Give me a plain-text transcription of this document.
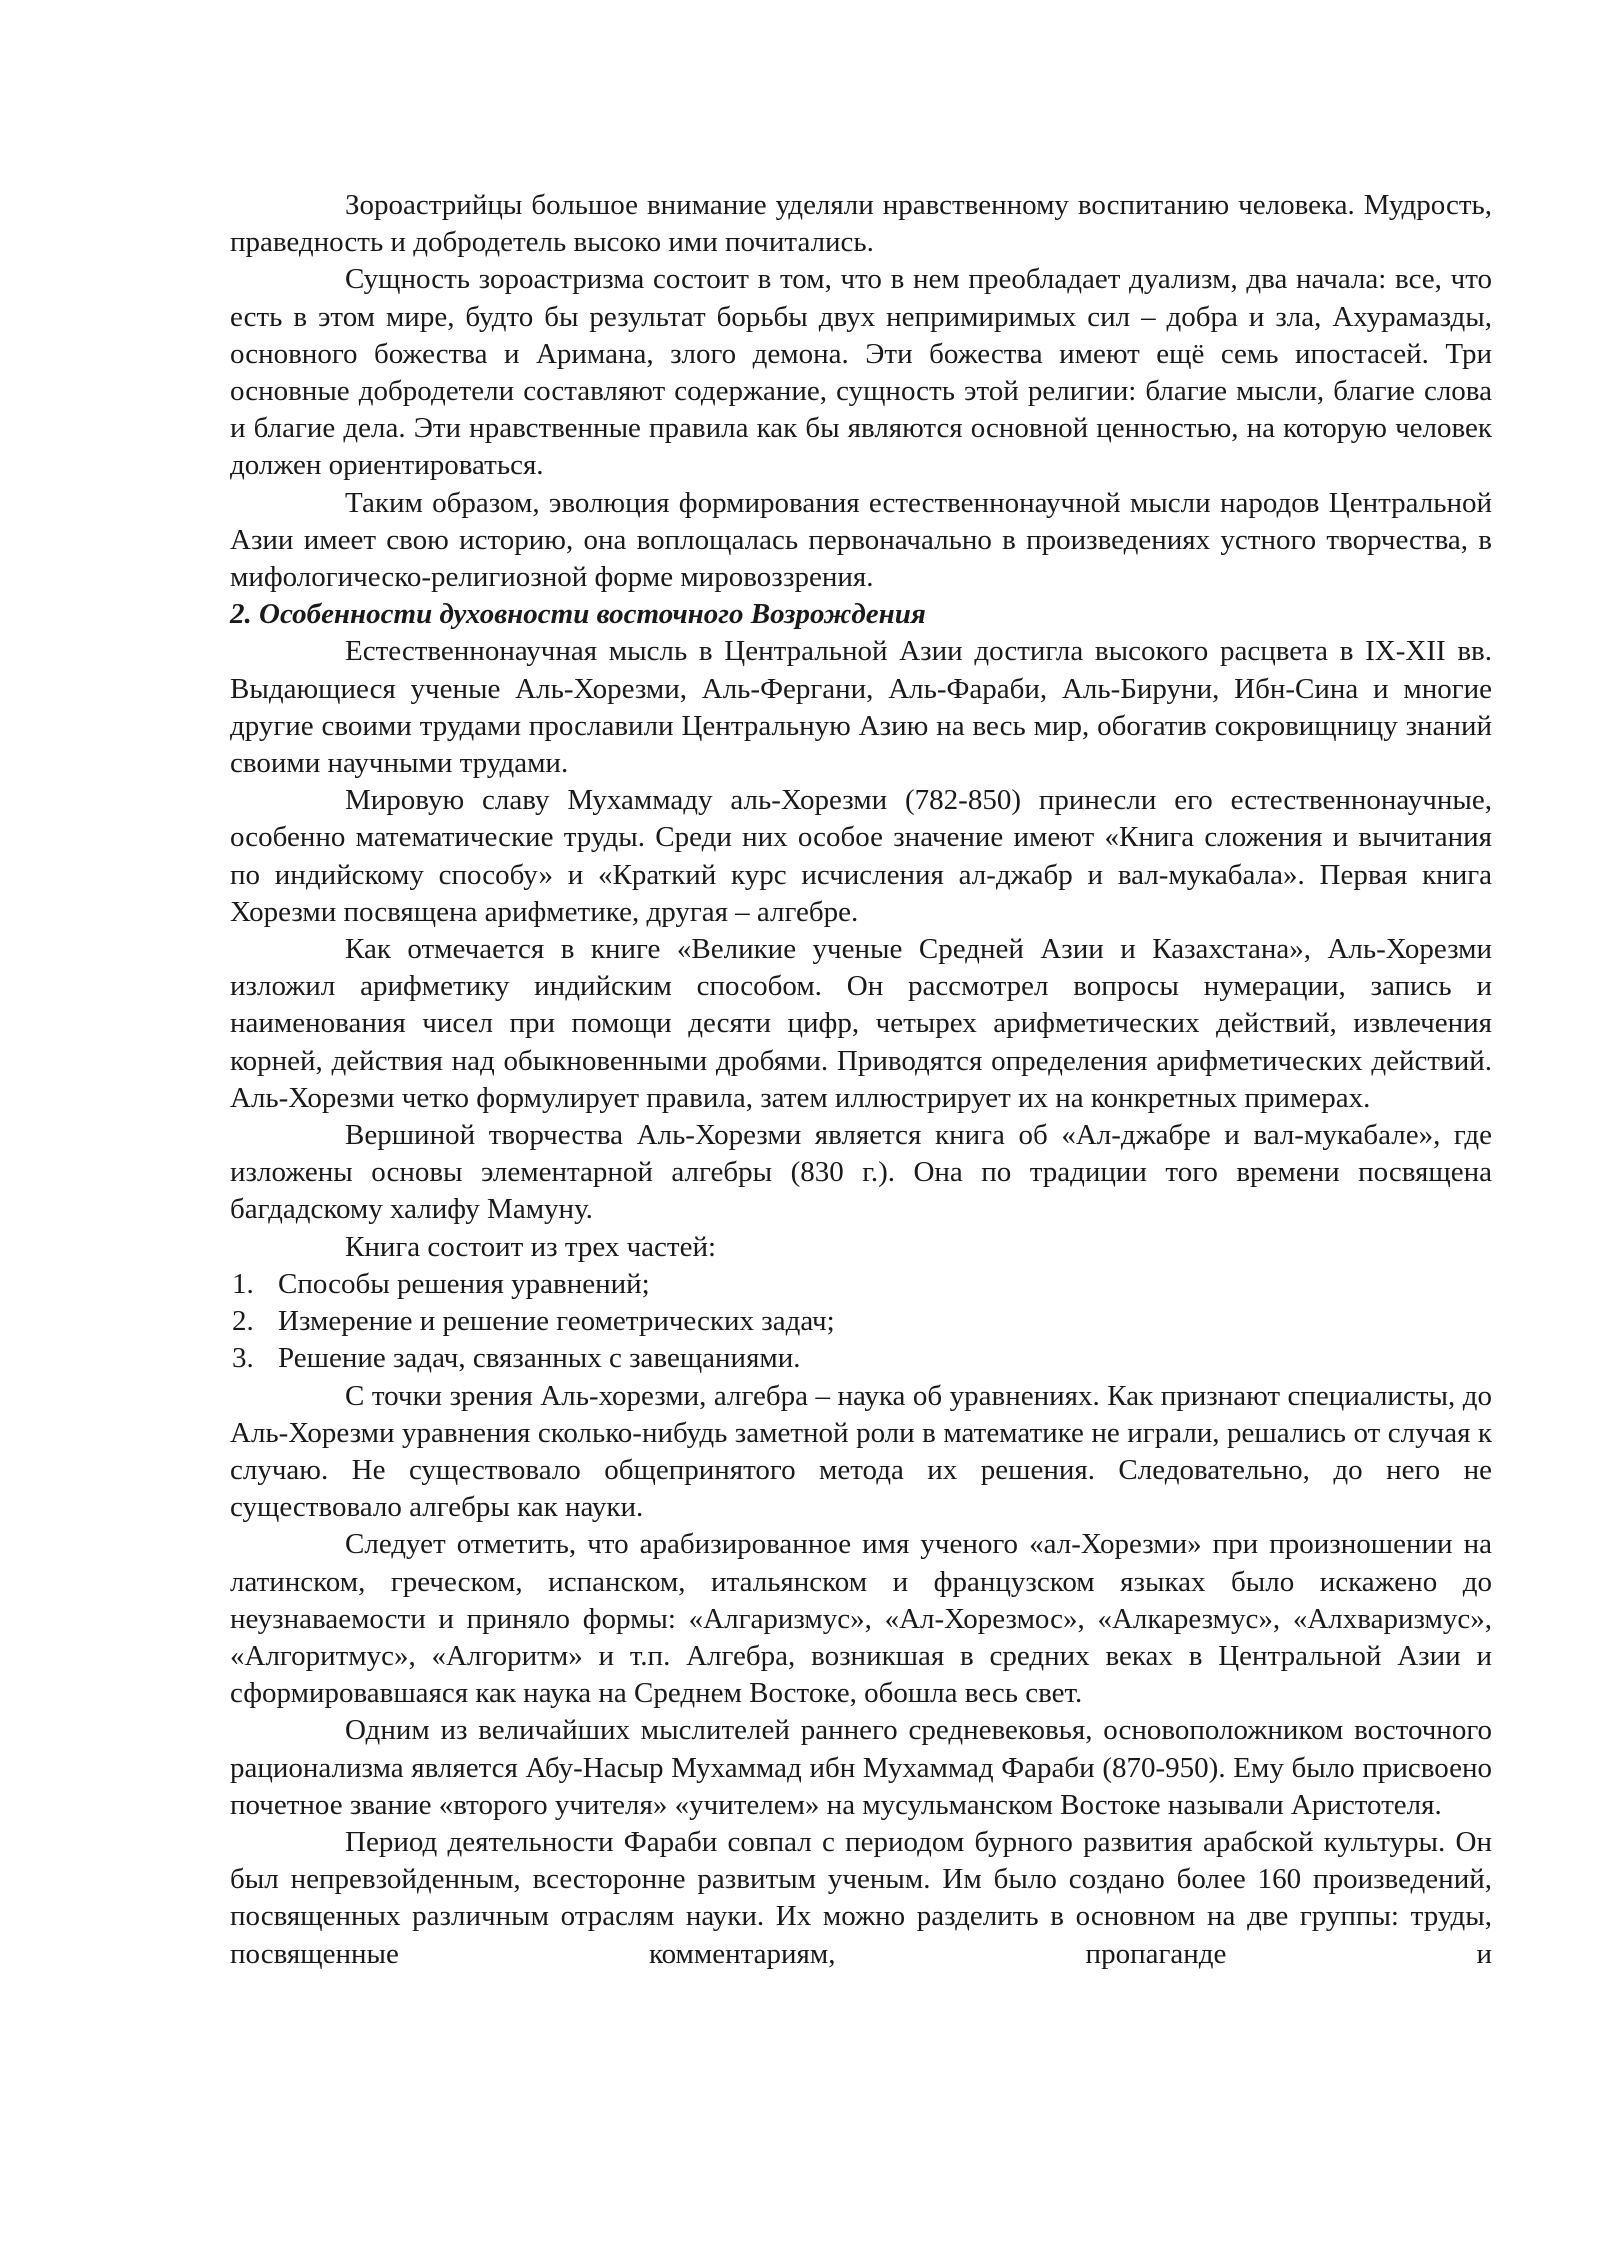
Зороастрийцы большое внимание уделяли нравственному воспитанию человека. Мудрость, праведность и добродетель высоко ими почитались.

Сущность зороастризма состоит в том, что в нем преобладает дуализм, два начала: все, что есть в этом мире, будто бы результат борьбы двух непримиримых сил – добра и зла, Ахурамазды, основного божества и Аримана, злого демона. Эти божества имеют ещё семь ипостасей. Три основные добродетели составляют содержание, сущность этой религии: благие мысли, благие слова и благие дела. Эти нравственные правила как бы являются основной ценностью, на которую человек должен ориентироваться.

Таким образом, эволюция формирования естественнонаучной мысли народов Центральной Азии имеет свою историю, она воплощалась первоначально в произведениях устного творчества, в мифологическо-религиозной форме мировоззрения.

2. Особенности духовности восточного Возрождения

Естественнонаучная мысль в Центральной Азии достигла высокого расцвета в IX-XII вв. Выдающиеся ученые Аль-Хорезми, Аль-Фергани, Аль-Фараби, Аль-Бируни, Ибн-Сина и многие другие своими трудами прославили Центральную Азию на весь мир, обогатив сокровищницу знаний своими научными трудами.

Мировую славу Мухаммаду аль-Хорезми (782-850) принесли его естественнонаучные, особенно математические труды. Среди них особое значение имеют «Книга сложения и вычитания по индийскому способу» и «Краткий курс исчисления ал-джабр и вал-мукабала». Первая книга Хорезми посвящена арифметике, другая – алгебре.

Как отмечается в книге «Великие ученые Средней Азии и Казахстана», Аль-Хорезми изложил арифметику индийским способом. Он рассмотрел вопросы нумерации, запись и наименования чисел при помощи десяти цифр, четырех арифметических действий, извлечения корней, действия над обыкновенными дробями. Приводятся определения арифметических действий. Аль-Хорезми четко формулирует правила, затем иллюстрирует их на конкретных примерах.

Вершиной творчества Аль-Хорезми является книга об «Ал-джабре и вал-мукабале», где изложены основы элементарной алгебры (830 г.). Она по традиции того времени посвящена багдадскому халифу Мамуну.

Книга состоит из трех частей:

1. Способы решения уравнений;
2. Измерение и решение геометрических задач;
3. Решение задач, связанных с завещаниями.

С точки зрения Аль-хорезми, алгебра – наука об уравнениях. Как признают специалисты, до Аль-Хорезми уравнения сколько-нибудь заметной роли в математике не играли, решались от случая к случаю. Не существовало общепринятого метода их решения. Следовательно, до него не существовало алгебры как науки.

Следует отметить, что арабизированное имя ученого «ал-Хорезми» при произношении на латинском, греческом, испанском, итальянском и французском языках было искажено до неузнаваемости и приняло формы: «Алгаризмус», «Ал-Хорезмос», «Алкарезмус», «Алхваризмус», «Алгоритмус», «Алгоритм» и т.п. Алгебра, возникшая в средних веках в Центральной Азии и сформировавшаяся как наука на Среднем Востоке, обошла весь свет.

Одним из величайших мыслителей раннего средневековья, основоположником восточного рационализма является Абу-Насыр Мухаммад ибн Мухаммад Фараби (870-950). Ему было присвоено почетное звание «второго учителя» «учителем» на мусульманском Востоке называли Аристотеля.

Период деятельности Фараби совпал с периодом бурного развития арабской культуры. Он был непревзойденным, всесторонне развитым ученым. Им было создано более 160 произведений, посвященных различным отраслям науки. Их можно разделить в основном на две группы: труды, посвященные комментариям, пропаганде и
